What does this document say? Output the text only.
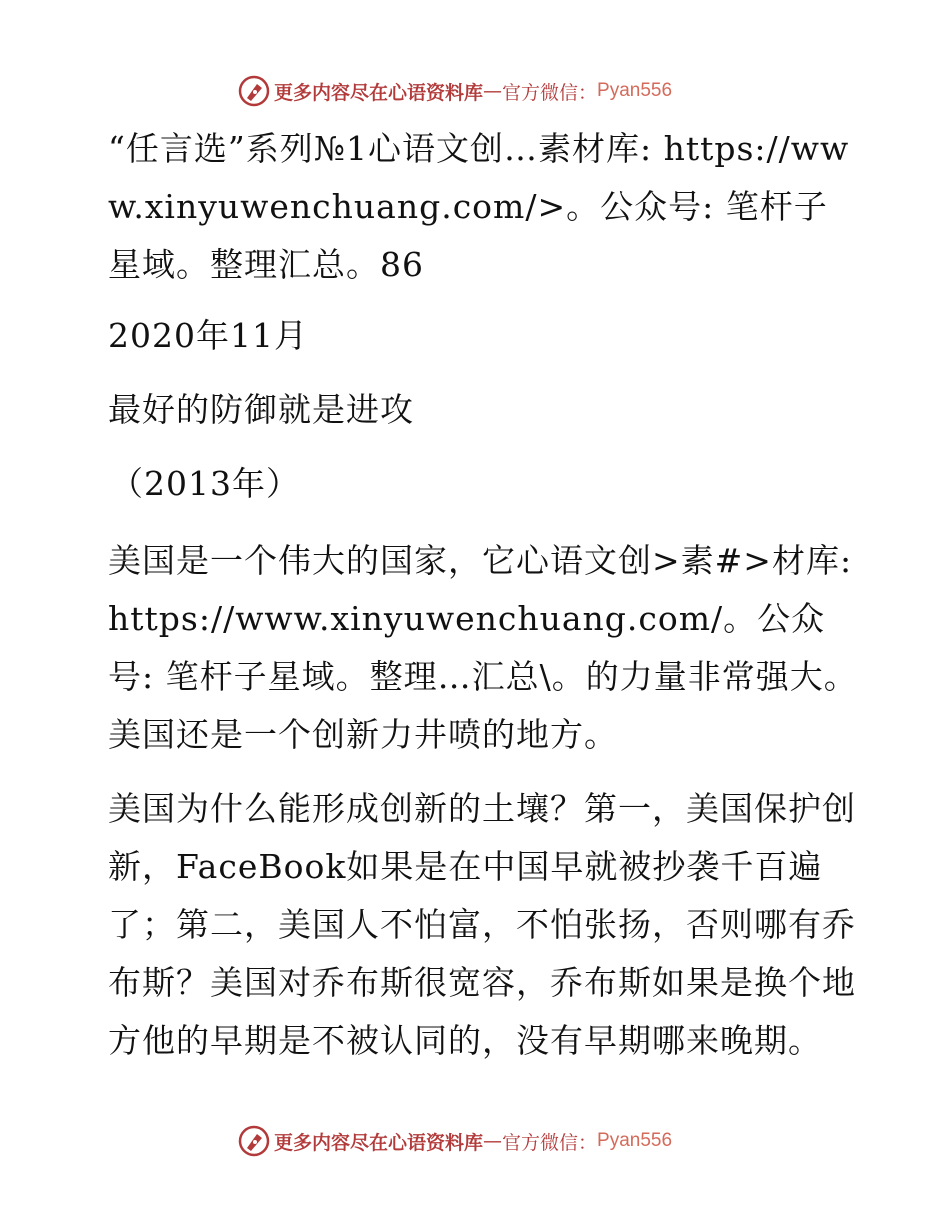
更多内容尽在心语资料库 — 官方微信： Pyan556

“任言选”系列№1心语文创…素材库: https://www.xinyuwenchuang.com/>。公众号: 笔杆子星域。整理汇总。86

2020年11月
最好的防御就是进攻
（2013年）

美国是一个伟大的国家，它心语文创>素#>材库: https://www.xinyuwenchuang.com/。公众号: 笔杆子星域。整理…汇总\。的力量非常强大。美国还是一个创新力井喷的地方。

美国为什么能形成创新的土壤？第一，美国保护创新，FaceBook如果是在中国早就被抄袭千百遍了；第二，美国人不怕富，不怕张扬，否则哪有乔布斯？美国对乔布斯很宽容，乔布斯如果是换个地方他的早期是不被认同的，没有早期哪来晚期。

更多内容尽在心语资料库 — 官方微信： Pyan556
